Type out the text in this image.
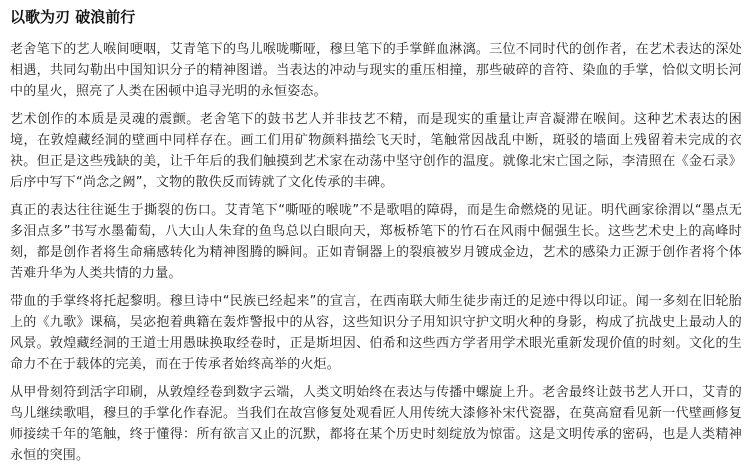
以歌为刃 破浪前行
老舍笔下的艺人喉间哽咽，艾青笔下的鸟儿喉咙嘶哑，穆旦笔下的手掌鲜血淋漓。三位不同时代的创作者，在艺术表达的深处相遇，共同勾勒出中国知识分子的精神图谱。当表达的冲动与现实的重压相撞，那些破碎的音符、染血的手掌，恰似文明长河中的星火，照亮了人类在困顿中追寻光明的永恒姿态。
艺术创作的本质是灵魂的震颤。老舍笔下的鼓书艺人并非技艺不精，而是现实的重量让声音凝滞在喉间。这种艺术表达的困境，在敦煌藏经洞的壁画中同样存在。画工们用矿物颜料描绘飞天时，笔触常因战乱中断，斑驳的墙面上残留着未完成的衣袂。但正是这些残缺的美，让千年后的我们触摸到艺术家在动荡中坚守创作的温度。就像北宋亡国之际，李清照在《金石录》后序中写下“尚念之阙”，文物的散佚反而铸就了文化传承的丰碑。
真正的表达往往诞生于撕裂的伤口。艾青笔下“嘶哑的喉咙”不是歌唱的障碍，而是生命燃烧的见证。明代画家徐渭以“墨点无多泪点多”书写水墨葡萄，八大山人朱耷的鱼鸟总以白眼向天，郑板桥笔下的竹石在风雨中倔强生长。这些艺术史上的高峰时刻，都是创作者将生命痛感转化为精神图腾的瞬间。正如青铜器上的裂痕被岁月镀成金边，艺术的感染力正源于创作者将个体苦难升华为人类共情的力量。
带血的手掌终将托起黎明。穆旦诗中“民族已经起来”的宣言，在西南联大师生徒步南迁的足迹中得以印证。闻一多刻在旧轮胎上的《九歌》课稿，吴宓抱着典籍在轰炸警报中的从容，这些知识分子用知识守护文明火种的身影，构成了抗战史上最动人的风景。敦煌藏经洞的王道士用愚昧换取经卷时，正是斯坦因、伯希和这些西方学者用学术眼光重新发现价值的时刻。文化的生命力不在于载体的完美，而在于传承者始终高举的火炬。
从甲骨刻符到活字印刷，从敦煌经卷到数字云端，人类文明始终在表达与传播中螺旋上升。老舍最终让鼓书艺人开口，艾青的鸟儿继续歌唱，穆旦的手掌化作春泥。当我们在故宫修复处观看匠人用传统大漆修补宋代瓷器，在莫高窟看见新一代壁画修复师接续千年的笔触，终于懂得：所有欲言又止的沉默，都将在某个历史时刻绽放为惊雷。这是文明传承的密码，也是人类精神永恒的突围。
